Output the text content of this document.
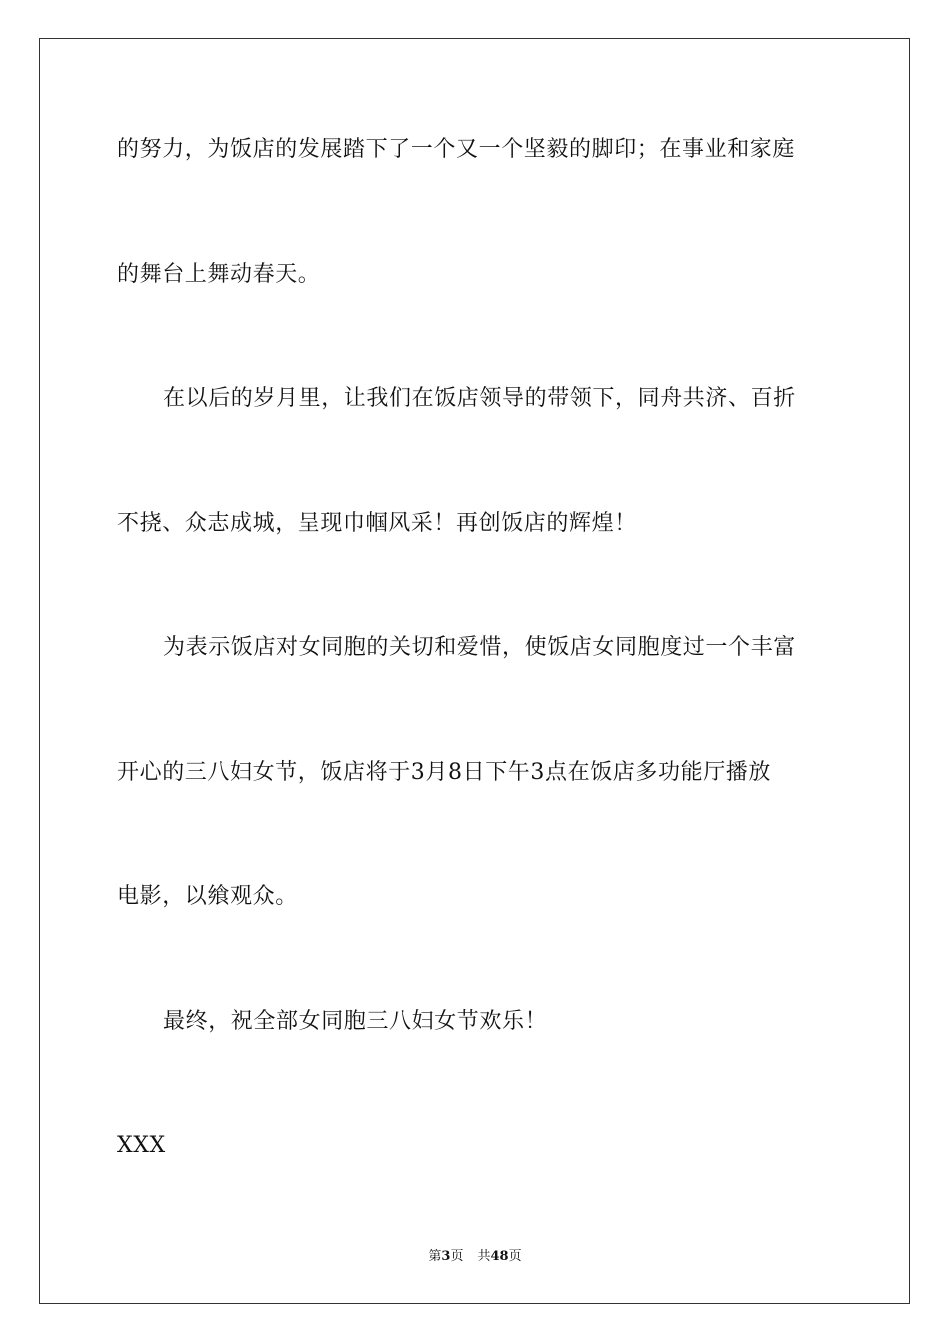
的努力，为饭店的发展踏下了一个又一个坚毅的脚印；在事业和家庭
的舞台上舞动春天。
在以后的岁月里，让我们在饭店领导的带领下，同舟共济、百折
不挠、众志成城，呈现巾帼风采！再创饭店的辉煌！
为表示饭店对女同胞的关切和爱惜，使饭店女同胞度过一个丰富
开心的三八妇女节，饭店将于3月8日下午3点在饭店多功能厅播放
电影，以飨观众。
最终，祝全部女同胞三八妇女节欢乐！
XXX
第3页 共48页
